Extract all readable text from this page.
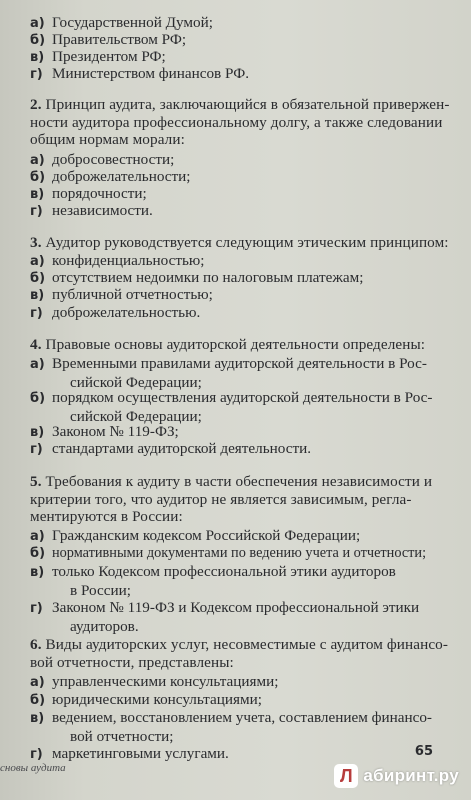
а) Государственной Думой;
б) Правительством РФ;
в) Президентом РФ;
г) Министерством финансов РФ.
2. Принцип аудита, заключающийся в обязательной привержен-ности аудитора профессиональному долгу, а также следовании общим нормам морали:
а) добросовестности;
б) доброжелательности;
в) порядочности;
г) независимости.
3. Аудитор руководствуется следующим этическим принципом:
а) конфиденциальностью;
б) отсутствием недоимки по налоговым платежам;
в) публичной отчетностью;
г) доброжелательностью.
4. Правовые основы аудиторской деятельности определены:
а) Временными правилами аудиторской деятельности в Рос-
сийской Федерации;
б) порядком осуществления аудиторской деятельности в Рос-
сийской Федерации;
в) Законом № 119-ФЗ;
г) стандартами аудиторской деятельности.
5. Требования к аудиту в части обеспечения независимости и критерии того, что аудитор не является зависимым, регла-ментируются в России:
а) Гражданским кодексом Российской Федерации;
б) нормативными документами по ведению учета и отчетности;
в) только Кодексом профессиональной этики аудиторов
в России;
г) Законом № 119-ФЗ и Кодексом профессиональной этики
аудиторов.
6. Виды аудиторских услуг, несовместимые с аудитом финансо-вой отчетности, представлены:
а) управленческими консультациями;
б) юридическими консультациями;
в) ведением, восстановлением учета, составлением финансо-
вой отчетности;
г) маркетинговыми услугами.
сновы аудита
65
Л абиринт.ру
